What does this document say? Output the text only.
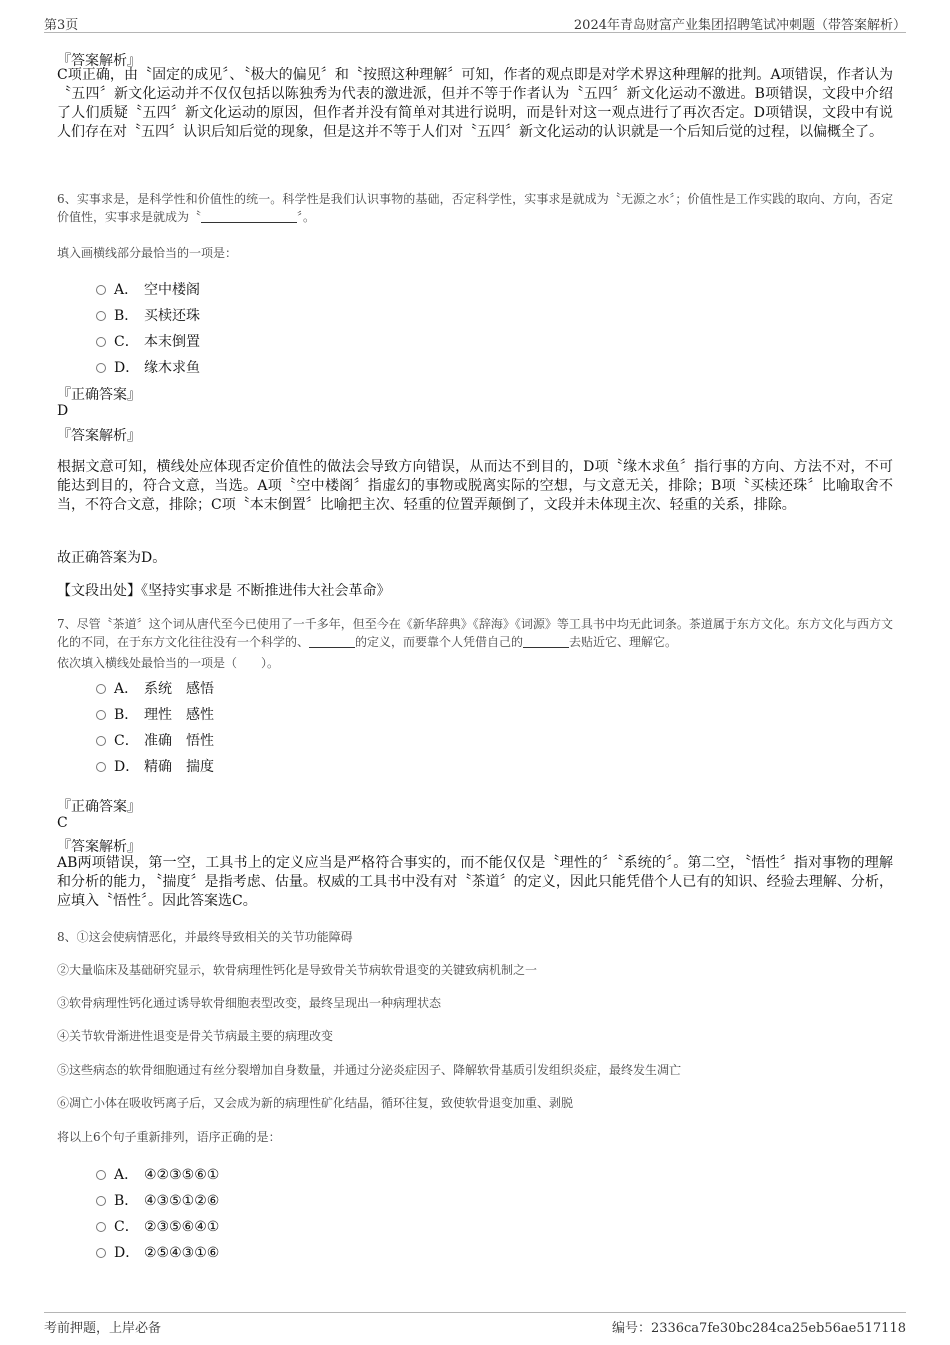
第3页	2024年青岛财富产业集团招聘笔试冲刺题（带答案解析）
『答案解析』
C项正确，由〝固定的成见〞、〝极大的偏见〞和〝按照这种理解〞可知，作者的观点即是对学术界这种理解的批判。A项错误，作者认为〝五四〞新文化运动并不仅仅包括以陈独秀为代表的激进派，但并不等于作者认为〝五四〞新文化运动不激进。B项错误，文段中介绍了人们质疑〝五四〞新文化运动的原因，但作者并没有简单对其进行说明，而是针对这一观点进行了再次否定。D项错误，文段中有说人们存在对〝五四〞认识后知后觉的现象，但是这并不等于人们对〝五四〞新文化运动的认识就是一个后知后觉的过程，以偏概全了。
6、实事求是，是科学性和价值性的统一。科学性是我们认识事物的基础，否定科学性，实事求是就成为〝无源之水〞；价值性是工作实践的取向、方向，否定价值性，实事求是就成为〝	〞。
填入画横线部分最恰当的一项是：
A． 空中楼阁
B． 买椟还珠
C． 本末倒置
D． 缘木求鱼
『正确答案』
D
『答案解析』
根据文意可知，横线处应体现否定价值性的做法会导致方向错误，从而达不到目的，D项〝缘木求鱼〞指行事的方向、方法不对，不可能达到目的，符合文意，当选。A项〝空中楼阁〞指虚幻的事物或脱离实际的空想，与文意无关，排除；B项〝买椟还珠〞比喻取舍不当，不符合文意，排除；C项〝本末倒置〞比喻把主次、轻重的位置弄颠倒了，文段并未体现主次、轻重的关系，排除。
故正确答案为D。
【文段出处】《坚持实事求是 不断推进伟大社会革命》
7、尽管〝茶道〞这个词从唐代至今已使用了一千多年，但至今在《新华辞典》《辞海》《词源》等工具书中均无此词条。茶道属于东方文化。东方文化与西方文化的不同，在于东方文化往往没有一个科学的、	的定义，而要靠个人凭借自己的	去贴近它、理解它。
依次填入横线处最恰当的一项是（　　）。
A． 系统　感悟
B． 理性　感性
C． 准确　悟性
D． 精确　揣度
『正确答案』
C
『答案解析』
AB两项错误，第一空，工具书上的定义应当是严格符合事实的，而不能仅仅是〝理性的〞〝系统的〞。第二空，〝悟性〞指对事物的理解和分析的能力，〝揣度〞是指考虑、估量。权威的工具书中没有对〝茶道〞的定义，因此只能凭借个人已有的知识、经验去理解、分析，应填入〝悟性〞。因此答案选C。
8、①这会使病情恶化，并最终导致相关的关节功能障碍
②大量临床及基础研究显示，软骨病理性钙化是导致骨关节病软骨退变的关键致病机制之一
③软骨病理性钙化通过诱导软骨细胞表型改变，最终呈现出一种病理状态
④关节软骨渐进性退变是骨关节病最主要的病理改变
⑤这些病态的软骨细胞通过有丝分裂增加自身数量，并通过分泌炎症因子、降解软骨基质引发组织炎症，最终发生凋亡
⑥凋亡小体在吸收钙离子后，又会成为新的病理性矿化结晶，循环往复，致使软骨退变加重、剥脱
将以上6个句子重新排列，语序正确的是：
A． ④②③⑤⑥①
B． ④③⑤①②⑥
C． ②③⑤⑥④①
D． ②⑤④③①⑥
考前押题，上岸必备	编号：2336ca7fe30bc284ca25eb56ae517118
